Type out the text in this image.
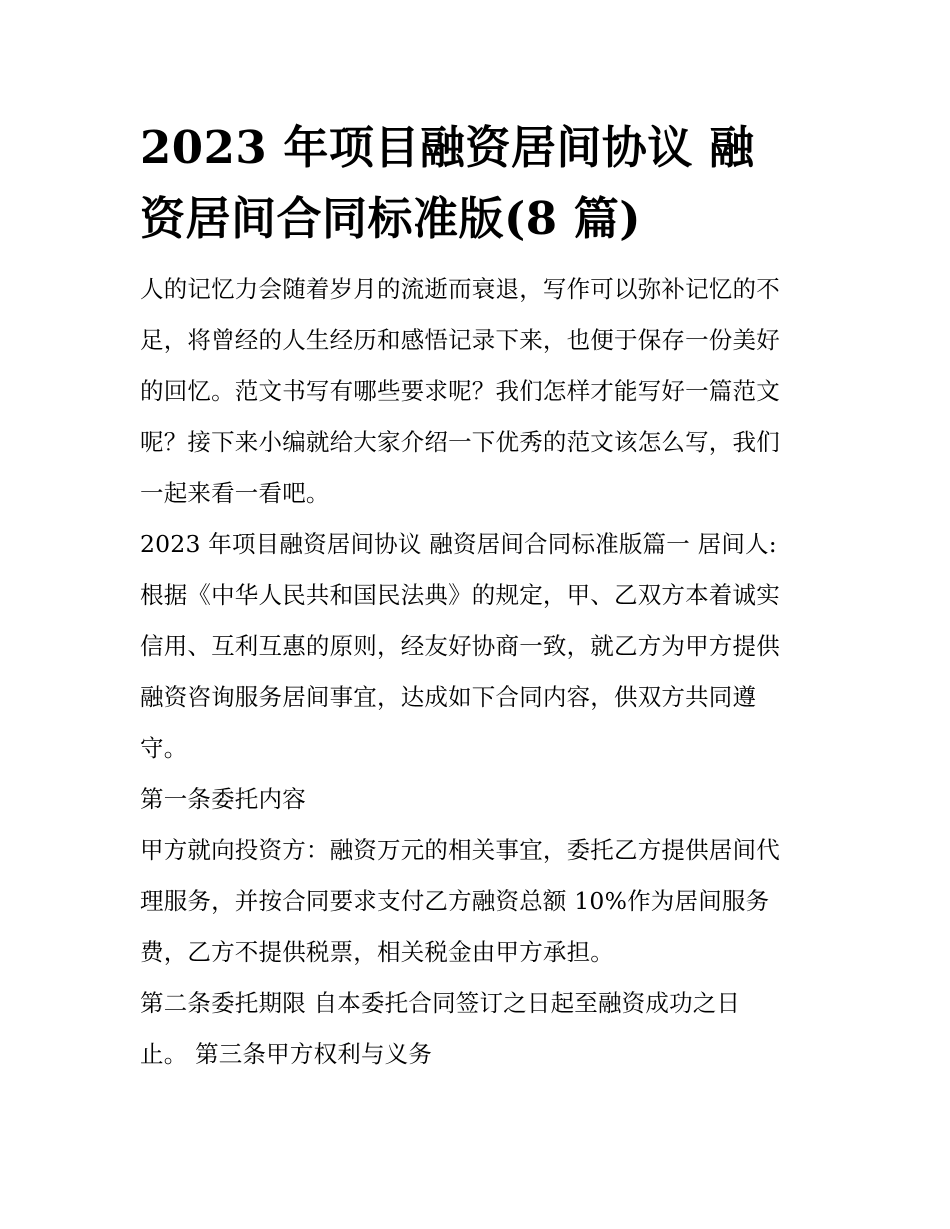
2023 年项目融资居间协议 融
资居间合同标准版(8 篇)

人的记忆力会随着岁月的流逝而衰退，写作可以弥补记忆的不
足，将曾经的人生经历和感悟记录下来，也便于保存一份美好
的回忆。范文书写有哪些要求呢？我们怎样才能写好一篇范文
呢？接下来小编就给大家介绍一下优秀的范文该怎么写，我们
一起来看一看吧。

2023 年项目融资居间协议 融资居间合同标准版篇一 居间人:
根据《中华人民共和国民法典》的规定，甲、乙双方本着诚实
信用、互利互惠的原则，经友好协商一致，就乙方为甲方提供
融资咨询服务居间事宜，达成如下合同内容，供双方共同遵
守。

第一条委托内容

甲方就向投资方：融资万元的相关事宜，委托乙方提供居间代
理服务，并按合同要求支付乙方融资总额 10%作为居间服务
费，乙方不提供税票，相关税金由甲方承担。

第二条委托期限 自本委托合同签订之日起至融资成功之日
止。 第三条甲方权利与义务
